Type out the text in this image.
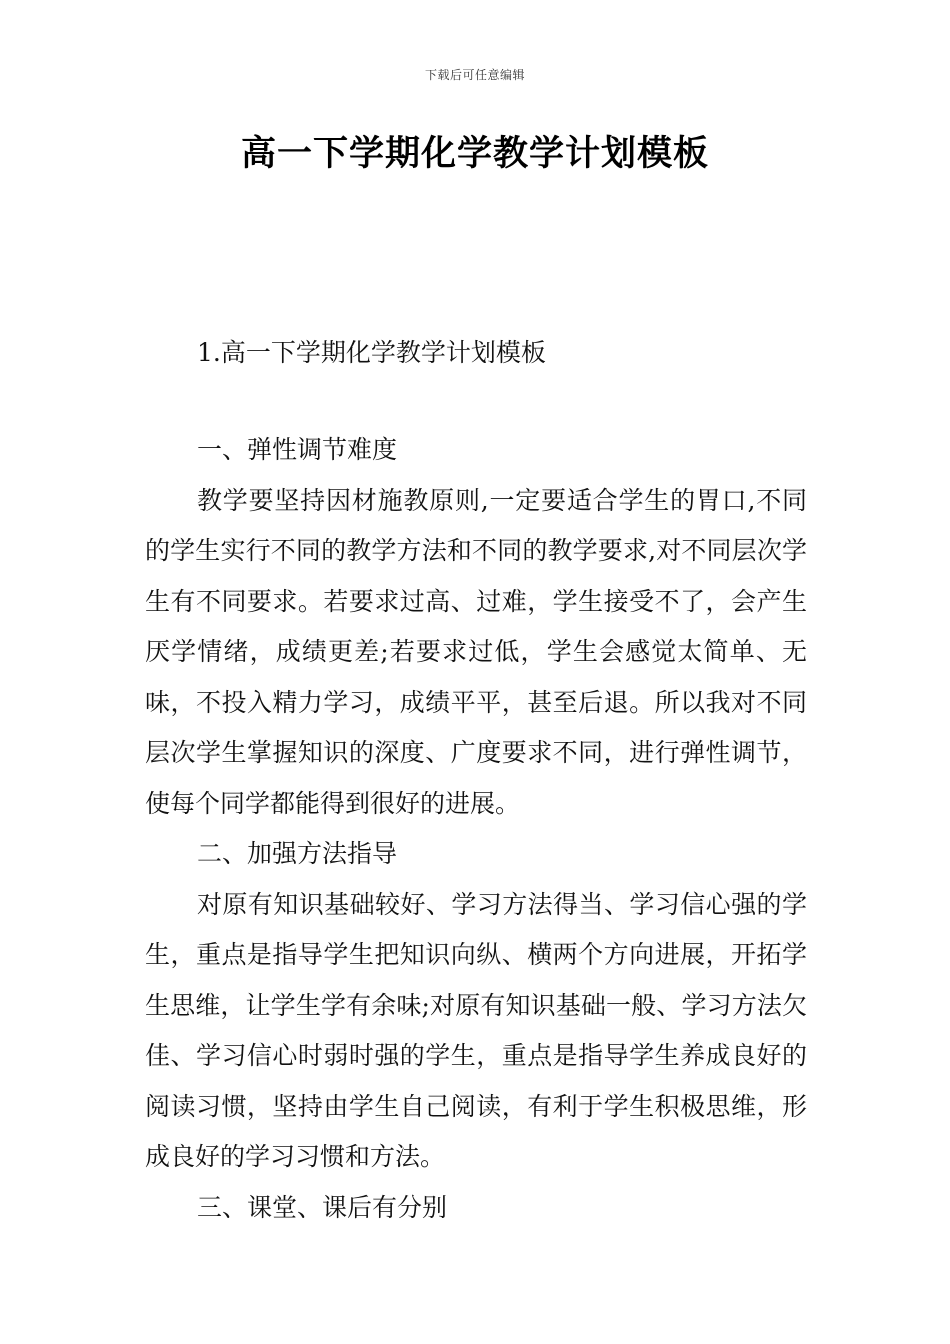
下载后可任意编辑
高一下学期化学教学计划模板
1.高一下学期化学教学计划模板

一、弹性调节难度

教学要坚持因材施教原则,一定要适合学生的胃口,不同的学生实行不同的教学方法和不同的教学要求,对不同层次学生有不同要求。若要求过高、过难，学生接受不了，会产生厌学情绪，成绩更差;若要求过低，学生会感觉太简单、无味，不投入精力学习，成绩平平，甚至后退。所以我对不同层次学生掌握知识的深度、广度要求不同，进行弹性调节，使每个同学都能得到很好的进展。

二、加强方法指导

对原有知识基础较好、学习方法得当、学习信心强的学生，重点是指导学生把知识向纵、横两个方向进展，开拓学生思维，让学生学有余味;对原有知识基础一般、学习方法欠佳、学习信心时弱时强的学生，重点是指导学生养成良好的阅读习惯，坚持由学生自己阅读，有利于学生积极思维，形成良好的学习习惯和方法。

三、课堂、课后有分别
